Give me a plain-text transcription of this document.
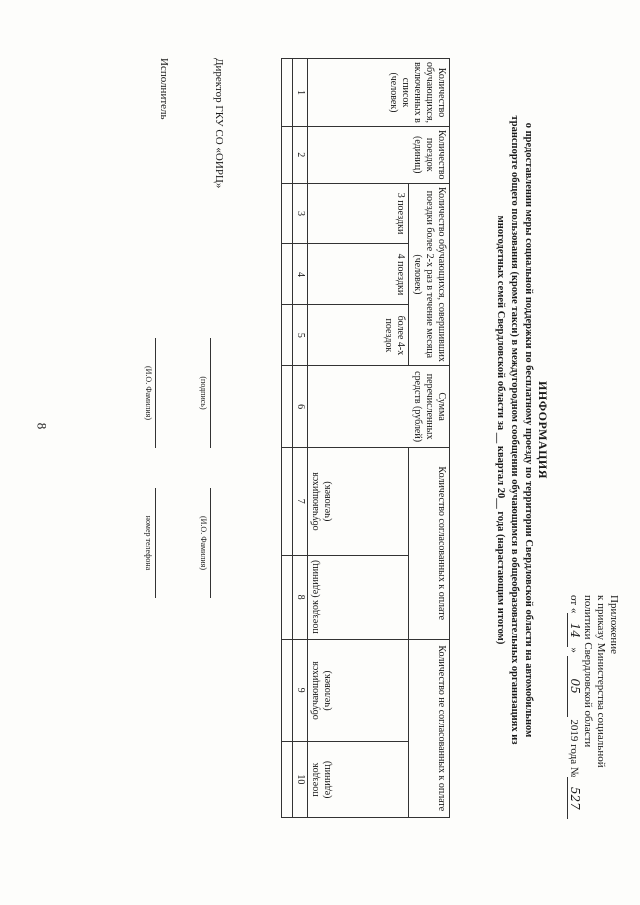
8
Приложение
к приказу Министерства социальной
политики Свердловской области
от «14» 05 2019 года №527
ИНФОРМАЦИЯ
о предоставлении меры социальной поддержки по бесплатному проезду по территории Свердловской области на автомобильном
транспорте общего пользования (кроме такси) в междугородном сообщении обучающимся в общеобразовательных организациях из
многодетных семей Свердловской области за __ квартал 20__ года (нарастающим итогом)
Количество обучающихся, включенных в список (человек)	Количество поездок (единиц)	Количество обучающихся, совершивших поездки более 2-х раз в течение месяца (человек)			Сумма перечисленных средств (рублей)	Количество согласованных к оплате		Количество не согласованных к оплате	
		3 поездки	4 поездки	более 4-х поездок		обучающихся (человек)	поездок (единиц)	обучающихся (человек)	поездок (единиц)
1	2	3	4	5	6	7	8	9	10

Директор ГКУ СО «ОИРЦ»
(подпись)
(И.О. Фамилия)
Исполнитель
(И.О. Фамилия)
номер телефона
